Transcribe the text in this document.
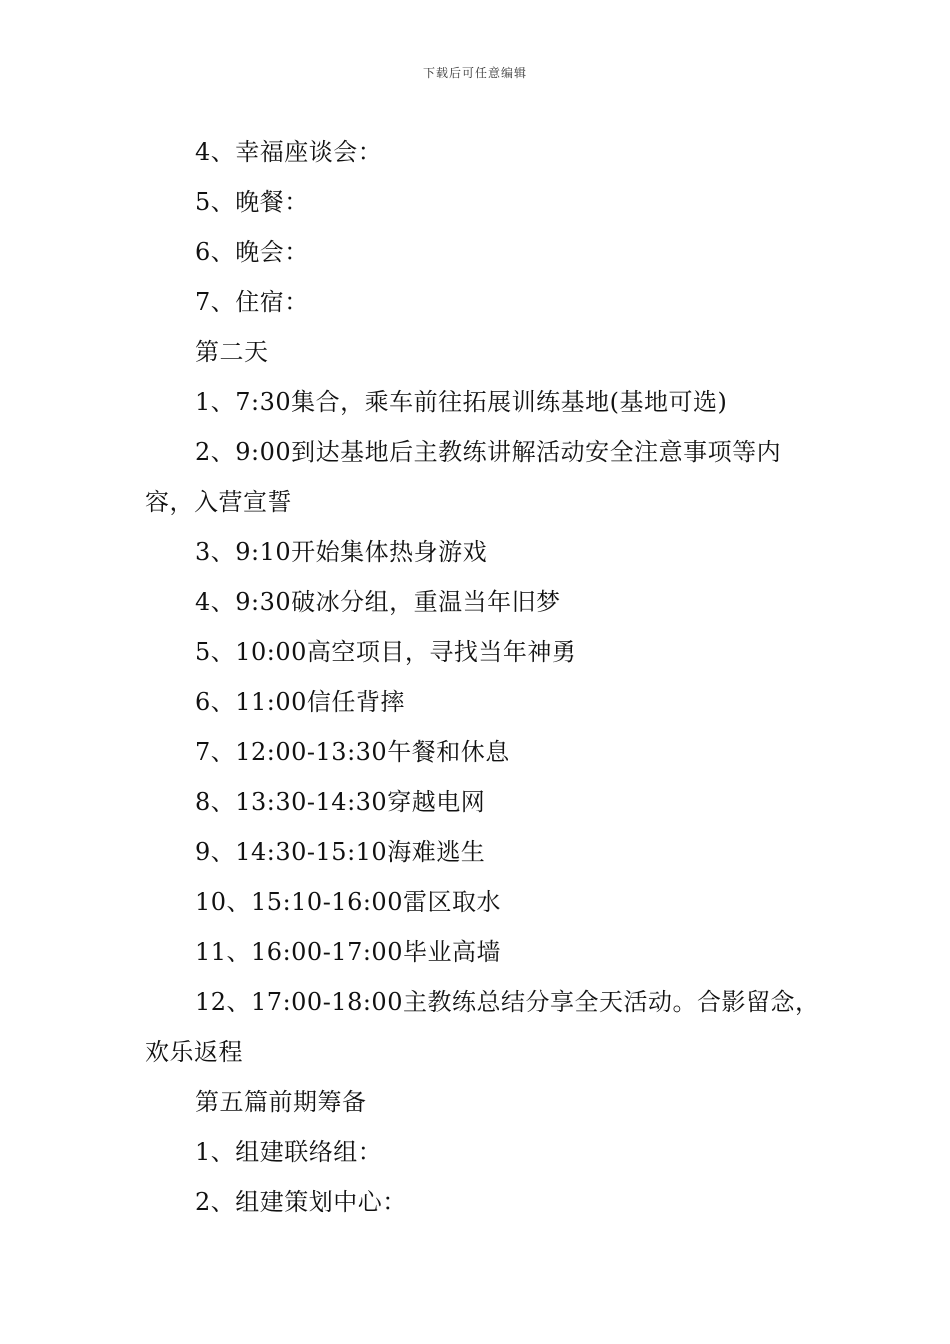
下载后可任意编辑
4、幸福座谈会：
5、晚餐：
6、晚会：
7、住宿：
第二天
1、7:30集合，乘车前往拓展训练基地(基地可选)
2、9:00到达基地后主教练讲解活动安全注意事项等内
容，入营宣誓
3、9:10开始集体热身游戏
4、9:30破冰分组，重温当年旧梦
5、10:00高空项目，寻找当年神勇
6、11:00信任背摔
7、12:00-13:30午餐和休息
8、13:30-14:30穿越电网
9、14:30-15:10海难逃生
10、15:10-16:00雷区取水
11、16:00-17:00毕业高墙
12、17:00-18:00主教练总结分享全天活动。合影留念，
欢乐返程
第五篇前期筹备
1、组建联络组：
2、组建策划中心：
